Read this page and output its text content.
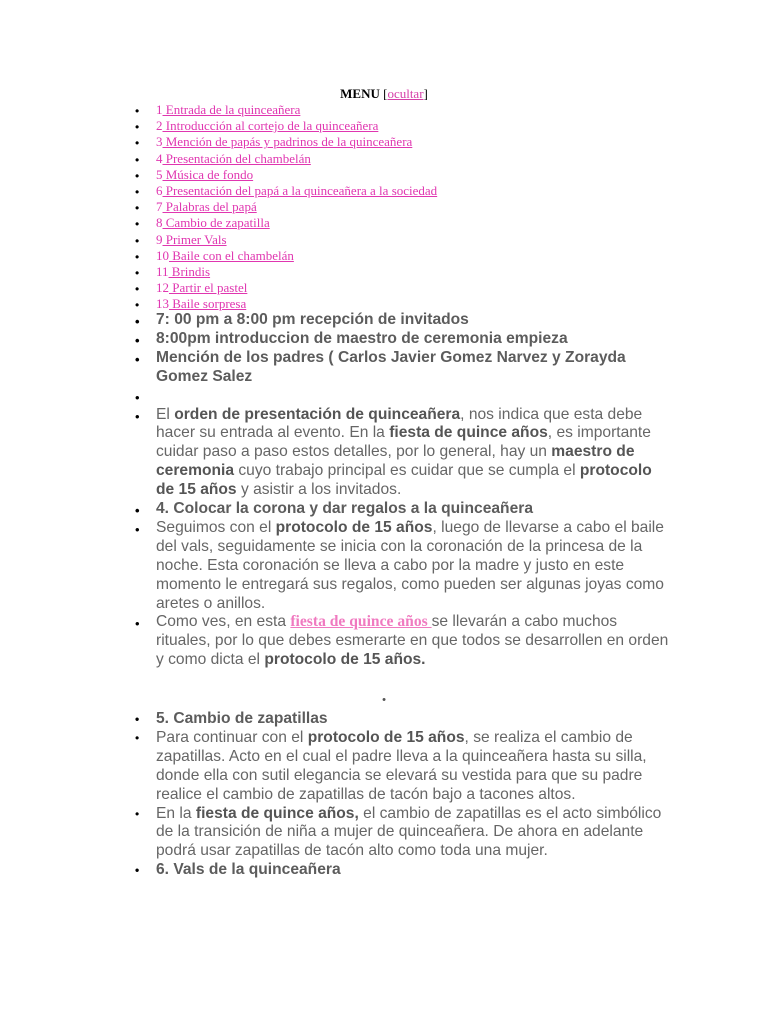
MENU [ocultar]
• 1 Entrada de la quinceañera
• 2 Introducción al cortejo de la quinceañera
• 3 Mención de papás y padrinos de la quinceañera
• 4 Presentación del chambelán
• 5 Música de fondo
• 6 Presentación del papá a la quinceañera a la sociedad
• 7 Palabras del papá
• 8 Cambio de zapatilla
• 9 Primer Vals
• 10 Baile con el chambelán
• 11 Brindis
• 12 Partir el pastel
• 13 Baile sorpresa
• 7: 00 pm a 8:00 pm recepción de invitados
• 8:00pm introduccion de maestro de ceremonia empieza
• Mención de los padres ( Carlos Javier Gomez Narvez y Zorayda Gomez Salez
•
• El orden de presentación de quinceañera, nos indica que esta debe hacer su entrada al evento. En la fiesta de quince años, es importante cuidar paso a paso estos detalles, por lo general, hay un maestro de ceremonia cuyo trabajo principal es cuidar que se cumpla el protocolo de 15 años y asistir a los invitados.
• 4. Colocar la corona y dar regalos a la quinceañera
• Seguimos con el protocolo de 15 años, luego de llevarse a cabo el baile del vals, seguidamente se inicia con la coronación de la princesa de la noche. Esta coronación se lleva a cabo por la madre y justo en este momento le entregará sus regalos, como pueden ser algunas joyas como aretes o anillos.
• Como ves, en esta fiesta de quince años se llevarán a cabo muchos rituales, por lo que debes esmerarte en que todos se desarrollen en orden y como dicta el protocolo de 15 años.
•
• 5. Cambio de zapatillas
• Para continuar con el protocolo de 15 años, se realiza el cambio de zapatillas. Acto en el cual el padre lleva a la quinceañera hasta su silla, donde ella con sutil elegancia se elevará su vestida para que su padre realice el cambio de zapatillas de tacón bajo a tacones altos.
• En la fiesta de quince años, el cambio de zapatillas es el acto simbólico de la transición de niña a mujer de quinceañera. De ahora en adelante podrá usar zapatillas de tacón alto como toda una mujer.
• 6. Vals de la quinceañera
